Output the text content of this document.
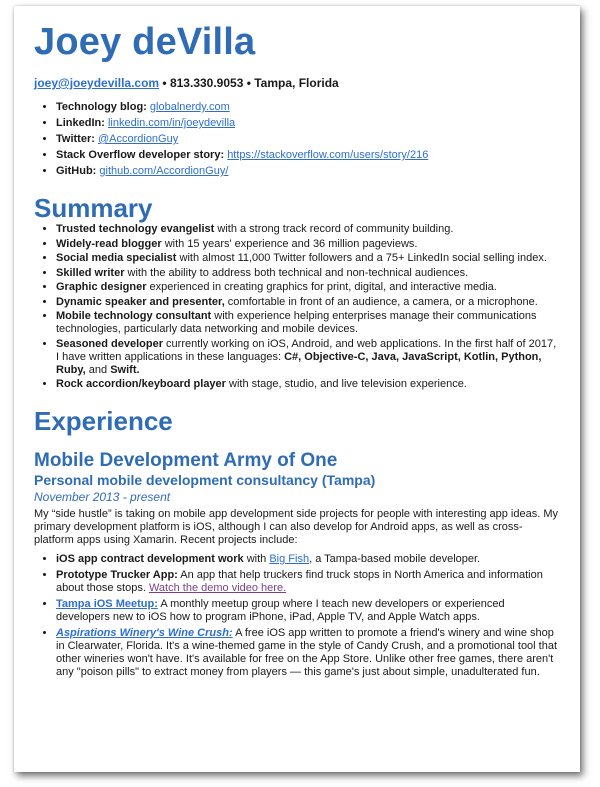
Joey deVilla
joey@joeydevilla.com • 813.330.9053 • Tampa, Florida
• Technology blog: globalnerdy.com
• LinkedIn: linkedin.com/in/joeydevilla
• Twitter: @AccordionGuy
• Stack Overflow developer story: https://stackoverflow.com/users/story/216
• GitHub: github.com/AccordionGuy/
Summary
• Trusted technology evangelist with a strong track record of community building.
• Widely-read blogger with 15 years' experience and 36 million pageviews.
• Social media specialist with almost 11,000 Twitter followers and a 75+ LinkedIn social selling index.
• Skilled writer with the ability to address both technical and non-technical audiences.
• Graphic designer experienced in creating graphics for print, digital, and interactive media.
• Dynamic speaker and presenter, comfortable in front of an audience, a camera, or a microphone.
• Mobile technology consultant with experience helping enterprises manage their communications technologies, particularly data networking and mobile devices.
• Seasoned developer currently working on iOS, Android, and web applications. In the first half of 2017, I have written applications in these languages: C#, Objective-C, Java, JavaScript, Kotlin, Python, Ruby, and Swift.
• Rock accordion/keyboard player with stage, studio, and live television experience.
Experience
Mobile Development Army of One
Personal mobile development consultancy (Tampa)
November 2013 - present

My “side hustle” is taking on mobile app development side projects for people with interesting app ideas. My primary development platform is iOS, although I can also develop for Android apps, as well as cross-platform apps using Xamarin. Recent projects include:

• iOS app contract development work with Big Fish, a Tampa-based mobile developer.
• Prototype Trucker App: An app that help truckers find truck stops in North America and information about those stops. Watch the demo video here.
• Tampa iOS Meetup: A monthly meetup group where I teach new developers or experienced developers new to iOS how to program iPhone, iPad, Apple TV, and Apple Watch apps.
• Aspirations Winery's Wine Crush: A free iOS app written to promote a friend's winery and wine shop in Clearwater, Florida. It's a wine-themed game in the style of Candy Crush, and a promotional tool that other wineries won't have. It's available for free on the App Store. Unlike other free games, there aren't any "poison pills" to extract money from players — this game's just about simple, unadulterated fun.
